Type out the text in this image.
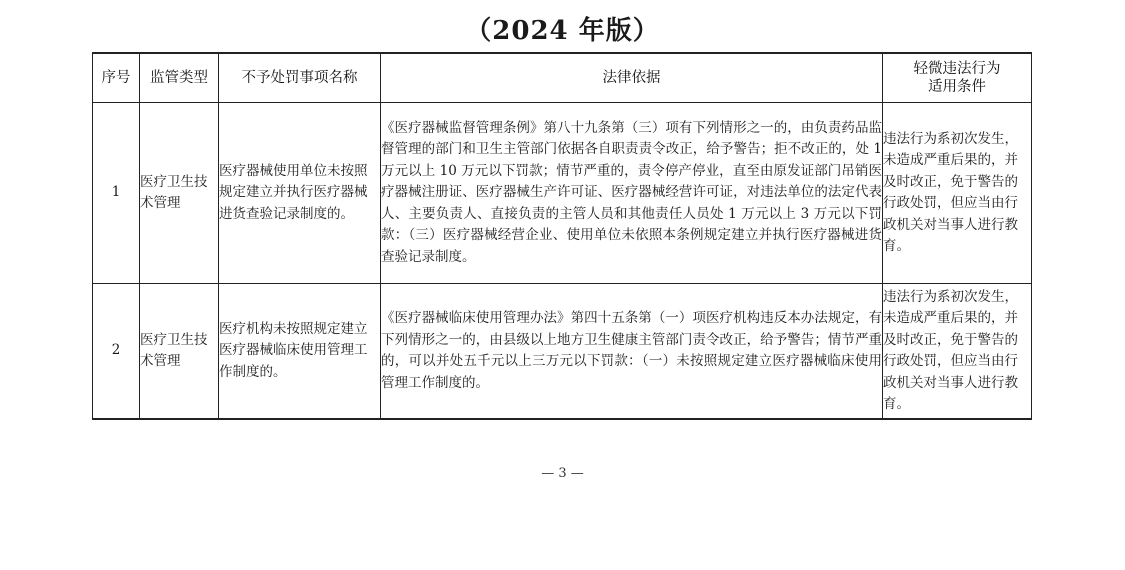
（2024 年版）
序号	监管类型	不予处罚事项名称	法律依据	轻微违法行为
适用条件

1	医疗卫生技术管理	医疗器械使用单位未按照规定建立并执行医疗器械进货查验记录制度的。	《医疗器械监督管理条例》第八十九条第（三）项有下列情形之一的，由负责药品监督管理的部门和卫生主管部门依据各自职责责令改正，给予警告；拒不改正的，处 1 万元以上 10 万元以下罚款；情节严重的，责令停产停业，直至由原发证部门吊销医疗器械注册证、医疗器械生产许可证、医疗器械经营许可证，对违法单位的法定代表人、主要负责人、直接负责的主管人员和其他责任人员处 1 万元以上 3 万元以下罚款：（三）医疗器械经营企业、使用单位未依照本条例规定建立并执行医疗器械进货查验记录制度。	违法行为系初次发生，未造成严重后果的，并及时改正，免于警告的行政处罚，但应当由行政机关对当事人进行教育。
2	医疗卫生技术管理	医疗机构未按照规定建立医疗器械临床使用管理工作制度的。	《医疗器械临床使用管理办法》第四十五条第（一）项医疗机构违反本办法规定，有下列情形之一的，由县级以上地方卫生健康主管部门责令改正，给予警告；情节严重的，可以并处五千元以上三万元以下罚款：（一）未按照规定建立医疗器械临床使用管理工作制度的。	违法行为系初次发生，未造成严重后果的，并及时改正，免于警告的行政处罚，但应当由行政机关对当事人进行教育。
— 3 —
